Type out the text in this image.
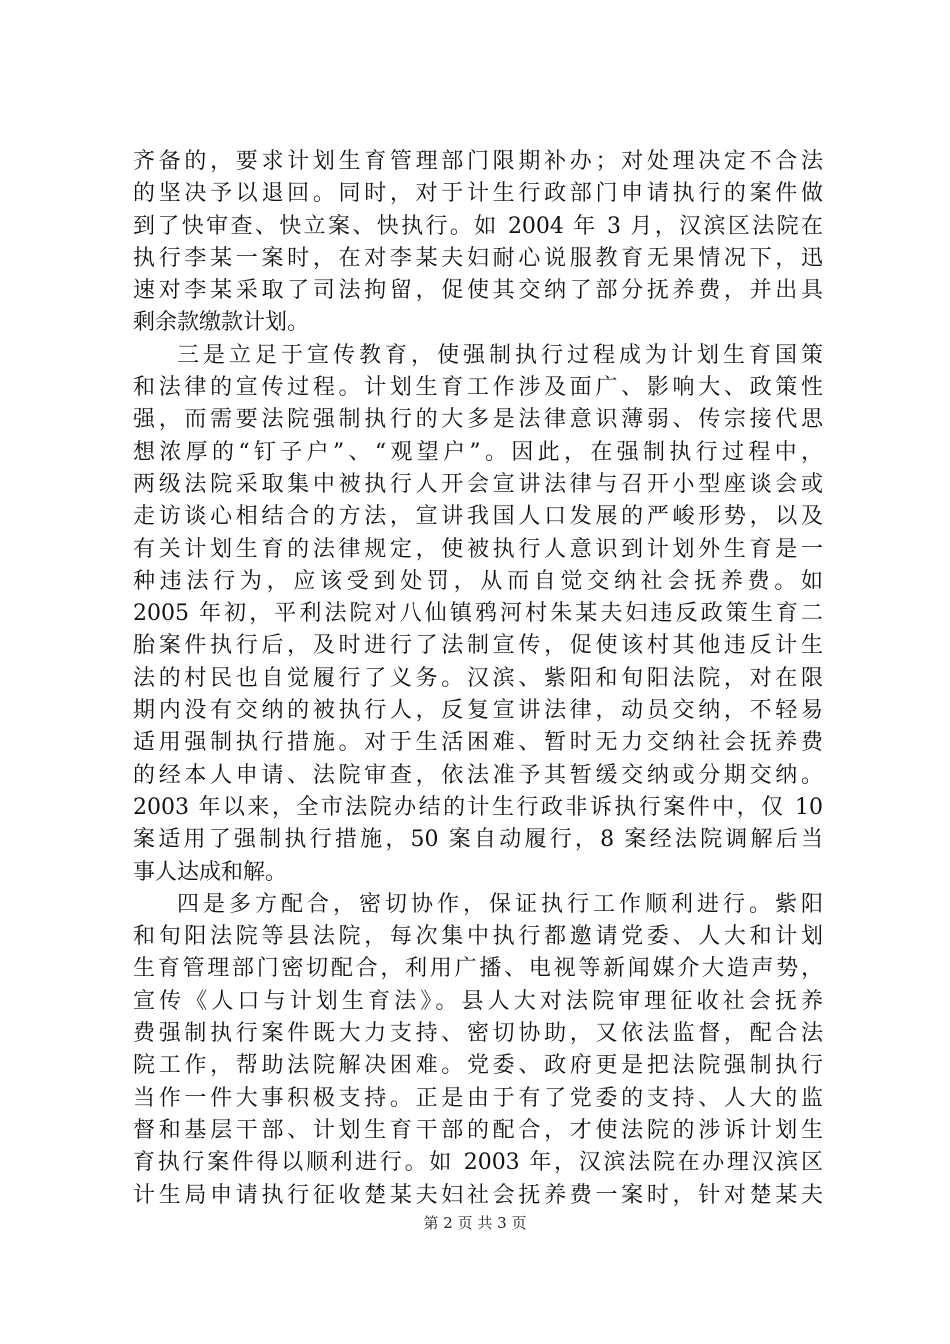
齐备的，要求计划生育管理部门限期补办；对处理决定不合法
的坚决予以退回。同时，对于计生行政部门申请执行的案件做
到了快审查、快立案、快执行。如 2004 年 3 月，汉滨区法院在
执行李某一案时，在对李某夫妇耐心说服教育无果情况下，迅
速对李某采取了司法拘留，促使其交纳了部分抚养费，并出具
剩余款缴款计划。
三是立足于宣传教育，使强制执行过程成为计划生育国策
和法律的宣传过程。计划生育工作涉及面广、影响大、政策性
强，而需要法院强制执行的大多是法律意识薄弱、传宗接代思
想浓厚的“钉子户”、“观望户”。因此，在强制执行过程中，
两级法院采取集中被执行人开会宣讲法律与召开小型座谈会或
走访谈心相结合的方法，宣讲我国人口发展的严峻形势，以及
有关计划生育的法律规定，使被执行人意识到计划外生育是一
种违法行为，应该受到处罚，从而自觉交纳社会抚养费。如
2005 年初，平利法院对八仙镇鸦河村朱某夫妇违反政策生育二
胎案件执行后，及时进行了法制宣传，促使该村其他违反计生
法的村民也自觉履行了义务。汉滨、紫阳和旬阳法院，对在限
期内没有交纳的被执行人，反复宣讲法律，动员交纳，不轻易
适用强制执行措施。对于生活困难、暂时无力交纳社会抚养费
的经本人申请、法院审查，依法准予其暂缓交纳或分期交纳。
2003 年以来，全市法院办结的计生行政非诉执行案件中，仅 10
案适用了强制执行措施，50 案自动履行，8 案经法院调解后当
事人达成和解。
四是多方配合，密切协作，保证执行工作顺利进行。紫阳
和旬阳法院等县法院，每次集中执行都邀请党委、人大和计划
生育管理部门密切配合，利用广播、电视等新闻媒介大造声势，
宣传《人口与计划生育法》。县人大对法院审理征收社会抚养
费强制执行案件既大力支持、密切协助，又依法监督，配合法
院工作，帮助法院解决困难。党委、政府更是把法院强制执行
当作一件大事积极支持。正是由于有了党委的支持、人大的监
督和基层干部、计划生育干部的配合，才使法院的涉诉计划生
育执行案件得以顺利进行。如 2003 年，汉滨法院在办理汉滨区
计生局申请执行征收楚某夫妇社会抚养费一案时，针对楚某夫
第 2 页 共 3 页
